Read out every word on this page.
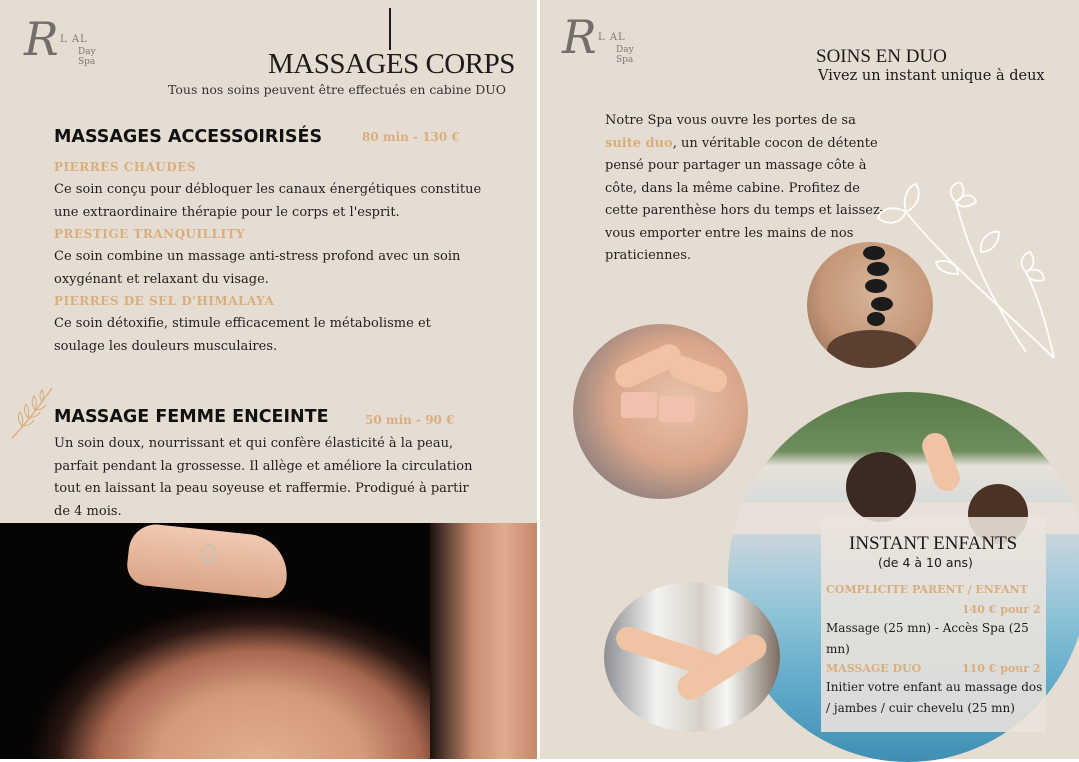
R L AL
Day Spa	MASSAGES CORPS
Tous nos soins peuvent être effectués en cabine DUO
MASSAGES ACCESSOIRISÉS	80 min - 130 €
PIERRES CHAUDES
Ce soin conçu pour débloquer les canaux énergétiques constitue une extraordinaire thérapie pour le corps et l'esprit.
PRESTIGE TRANQUILLITY
Ce soin combine un massage anti-stress profond avec un soin oxygénant et relaxant du visage.
PIERRES DE SEL D'HIMALAYA
Ce soin détoxifie, stimule efficacement le métabolisme et soulage les douleurs musculaires.
MASSAGE FEMME ENCEINTE	50 min - 90 €
Un soin doux, nourrissant et qui confère élasticité à la peau, parfait pendant la grossesse. Il allège et améliore la circulation tout en laissant la peau soyeuse et raffermie. Prodigué à partir de 4 mois.
R L AL
Day Spa	SOINS EN DUO
Vivez un instant unique à deux
Notre Spa vous ouvre les portes de sa suite duo, un véritable cocon de détente pensé pour partager un massage côte à côte, dans la même cabine. Profitez de cette parenthèse hors du temps et laissez-vous emporter entre les mains de nos praticiennes.
INSTANT ENFANTS
(de 4 à 10 ans)
COMPLICITE PARENT / ENFANT
140 € pour 2
Massage (25 mn) - Accès Spa (25 mn)
MASSAGE DUO	110 € pour 2
Initier votre enfant au massage dos / jambes / cuir chevelu (25 mn)
